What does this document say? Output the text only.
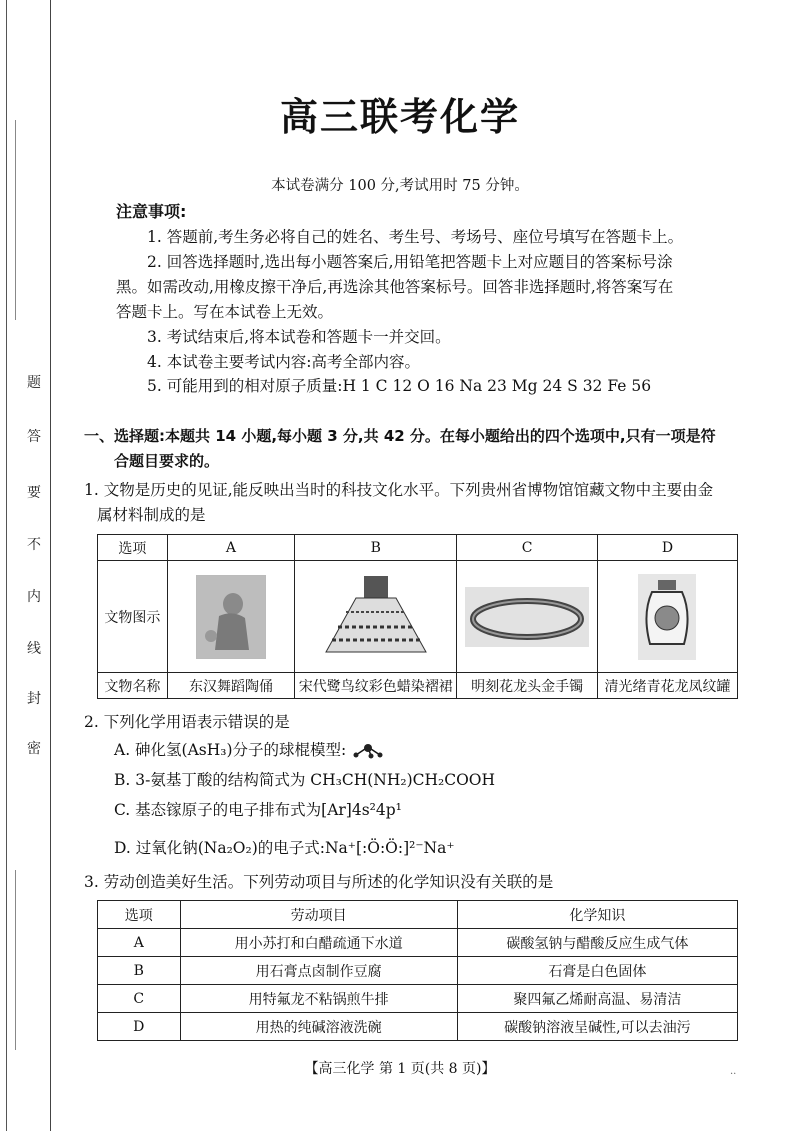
题
答
要
不
内
线
封
密
高三联考化学
本试卷满分 100 分,考试用时 75 分钟。
注意事项:
1. 答题前,考生务必将自己的姓名、考生号、考场号、座位号填写在答题卡上。
2. 回答选择题时,选出每小题答案后,用铅笔把答题卡上对应题目的答案标号涂
黑。如需改动,用橡皮擦干净后,再选涂其他答案标号。回答非选择题时,将答案写在
答题卡上。写在本试卷上无效。
3. 考试结束后,将本试卷和答题卡一并交回。
4. 本试卷主要考试内容:高考全部内容。
5. 可能用到的相对原子质量:H 1 C 12 O 16 Na 23 Mg 24 S 32 Fe 56
一、选择题:本题共 14 小题,每小题 3 分,共 42 分。在每小题给出的四个选项中,只有一项是符
合题目要求的。
1. 文物是历史的见证,能反映出当时的科技文化水平。下列贵州省博物馆馆藏文物中主要由金
属材料制成的是
选项	A	B	C	D
文物图示	

文物名称	东汉舞蹈陶俑	宋代鹭鸟纹彩色蜡染褶裙	明刻花龙头金手镯	清光绪青花龙凤纹罐
2. 下列化学用语表示错误的是
A. 砷化氢(AsH₃)分子的球棍模型:
B. 3-氨基丁酸的结构简式为 CH₃CH(NH₂)CH₂COOH
C. 基态镓原子的电子排布式为[Ar]4s²4p¹
D. 过氧化钠(Na₂O₂)的电子式:Na⁺[:Ö:Ö:]²⁻Na⁺
3. 劳动创造美好生活。下列劳动项目与所述的化学知识没有关联的是
选项	劳动项目	化学知识
A	用小苏打和白醋疏通下水道	碳酸氢钠与醋酸反应生成气体
B	用石膏点卤制作豆腐	石膏是白色固体
C	用特氟龙不粘锅煎牛排	聚四氟乙烯耐高温、易清洁
D	用热的纯碱溶液洗碗	碳酸钠溶液呈碱性,可以去油污
【高三化学 第 1 页(共 8 页)】	..
